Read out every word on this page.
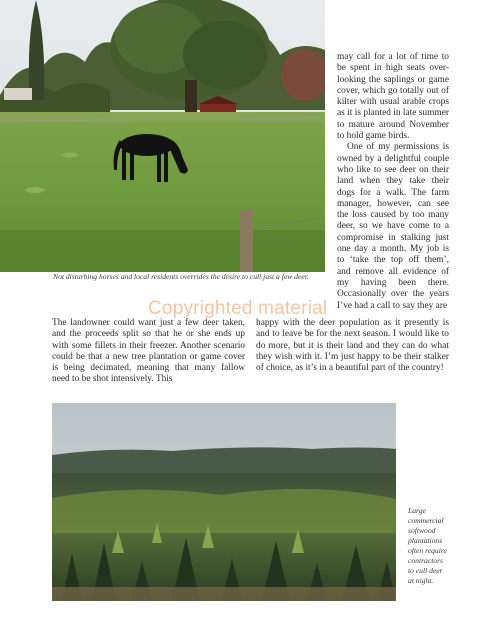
Not disturbing horses and local residents overrides the desire to cull just a few deer.

may call for a lot of time to be spent in high seats over-looking the saplings or game cover, which go totally out of kilter with usual arable crops as it is planted in late summer to mature around November to hold game birds.

One of my permissions is owned by a delightful couple who like to see deer on their land when they take their dogs for a walk. The farm manager, however, can see the loss caused by too many deer, so we have come to a compromise in stalking just one day a month. My job is to ‘take the top off them’, and remove all evidence of my having been there. Occasionally over the years I’ve had a call to say they are

The landowner could want just a few deer taken, and the proceeds split so that he or she ends up with some fillets in their freezer. Another scenario could be that a new tree plantation or game cover is being decimated, meaning that many fallow need to be shot intensively. This

happy with the deer population as it presently is and to leave be for the next season. I would like to do more, but it is their land and they can do what they wish with it. I’m just happy to be their stalker of choice, as it’s in a beautiful part of the country!

Copyrighted material
Large commercial softwood plantations often require contractors to cull deer at night.
